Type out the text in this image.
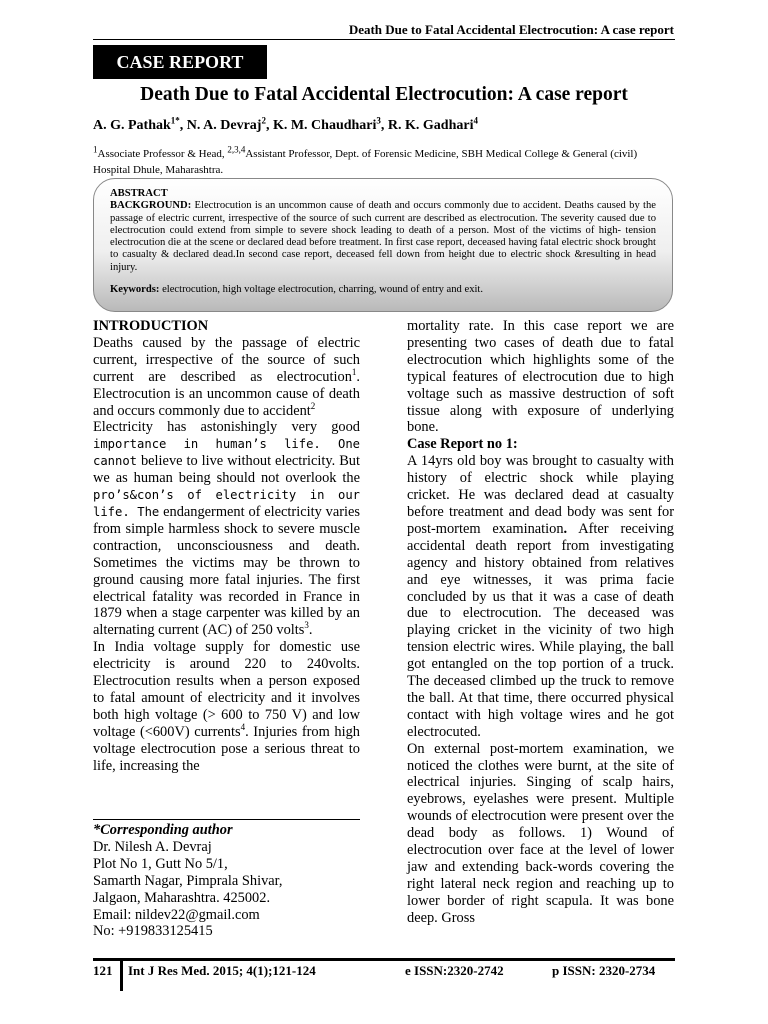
Death Due to Fatal Accidental Electrocution: A case report
CASE REPORT
Death Due to Fatal Accidental Electrocution: A case report
A. G. Pathak$^{1*}$, N. A. Devraj$^2$, K. M. Chaudhari$^3$, R. K. Gadhari$^4$
$^1$Associate Professor & Head, $^{2,3,4}$Assistant Professor, Dept. of Forensic Medicine, SBH Medical College & General (civil) Hospital Dhule, Maharashtra.
ABSTRACT
BACKGROUND: Electrocution is an uncommon cause of death and occurs commonly due to accident. Deaths caused by the passage of electric current, irrespective of the source of such current are described as electrocution. The severity caused due to electrocution could extend from simple to severe shock leading to death of a person. Most of the victims of high- tension electrocution die at the scene or declared dead before treatment. In first case report, deceased having fatal electric shock brought to casualty & declared dead.In second case report, deceased fell down from height due to electric shock &resulting in head injury.
Keywords: electrocution, high voltage electrocution, charring, wound of entry and exit.

INTRODUCTION

Deaths caused by the passage of electric current, irrespective of the source of such current are described as electrocution$^1$. Electrocution is an uncommon cause of death and occurs commonly due to accident$^2$

Electricity has astonishingly very good importance in human’s life. One cannot believe to live without electricity. But we as human being should not overlook the pro’s&con’s of electricity in our life. The endangerment of electricity varies from simple harmless shock to severe muscle contraction, unconsciousness and death. Sometimes the victims may be thrown to ground causing more fatal injuries. The first electrical fatality was recorded in France in 1879 when a stage carpenter was killed by an alternating current (AC) of 250 volts$^3$.

In India voltage supply for domestic use electricity is around 220 to 240volts. Electrocution results when a person exposed to fatal amount of electricity and it involves both high voltage (> 600 to 750 V) and low voltage (<600V) currents$^4$. Injuries from high voltage electrocution pose a serious threat to life, increasing the

*Corresponding author
Dr. Nilesh A. Devraj
Plot No 1, Gutt No 5/1,
Samarth Nagar, Pimprala Shivar,
Jalgaon, Maharashtra. 425002.
Email: nildev22@gmail.com
No: +919833125415

mortality rate. In this case report we are presenting two cases of death due to fatal electrocution which highlights some of the typical features of electrocution due to high voltage such as massive destruction of soft tissue along with exposure of underlying bone.

Case Report no 1:

A 14yrs old boy was brought to casualty with history of electric shock while playing cricket. He was declared dead at casualty before treatment and dead body was sent for post-mortem examination. After receiving accidental death report from investigating agency and history obtained from relatives and eye witnesses, it was prima facie concluded by us that it was a case of death due to electrocution. The deceased was playing cricket in the vicinity of two high tension electric wires. While playing, the ball got entangled on the top portion of a truck. The deceased climbed up the truck to remove the ball. At that time, there occurred physical contact with high voltage wires and he got electrocuted.

On external post-mortem examination, we noticed the clothes were burnt, at the site of electrical injuries. Singing of scalp hairs, eyebrows, eyelashes were present. Multiple wounds of electrocution were present over the dead body as follows. 1) Wound of electrocution over face at the level of lower jaw and extending back-words covering the right lateral neck region and reaching up to lower border of right scapula. It was bone deep. Gross

121 Int J Res Med. 2015; 4(1);121-124	e ISSN:2320-2742	p ISSN: 2320-2734
